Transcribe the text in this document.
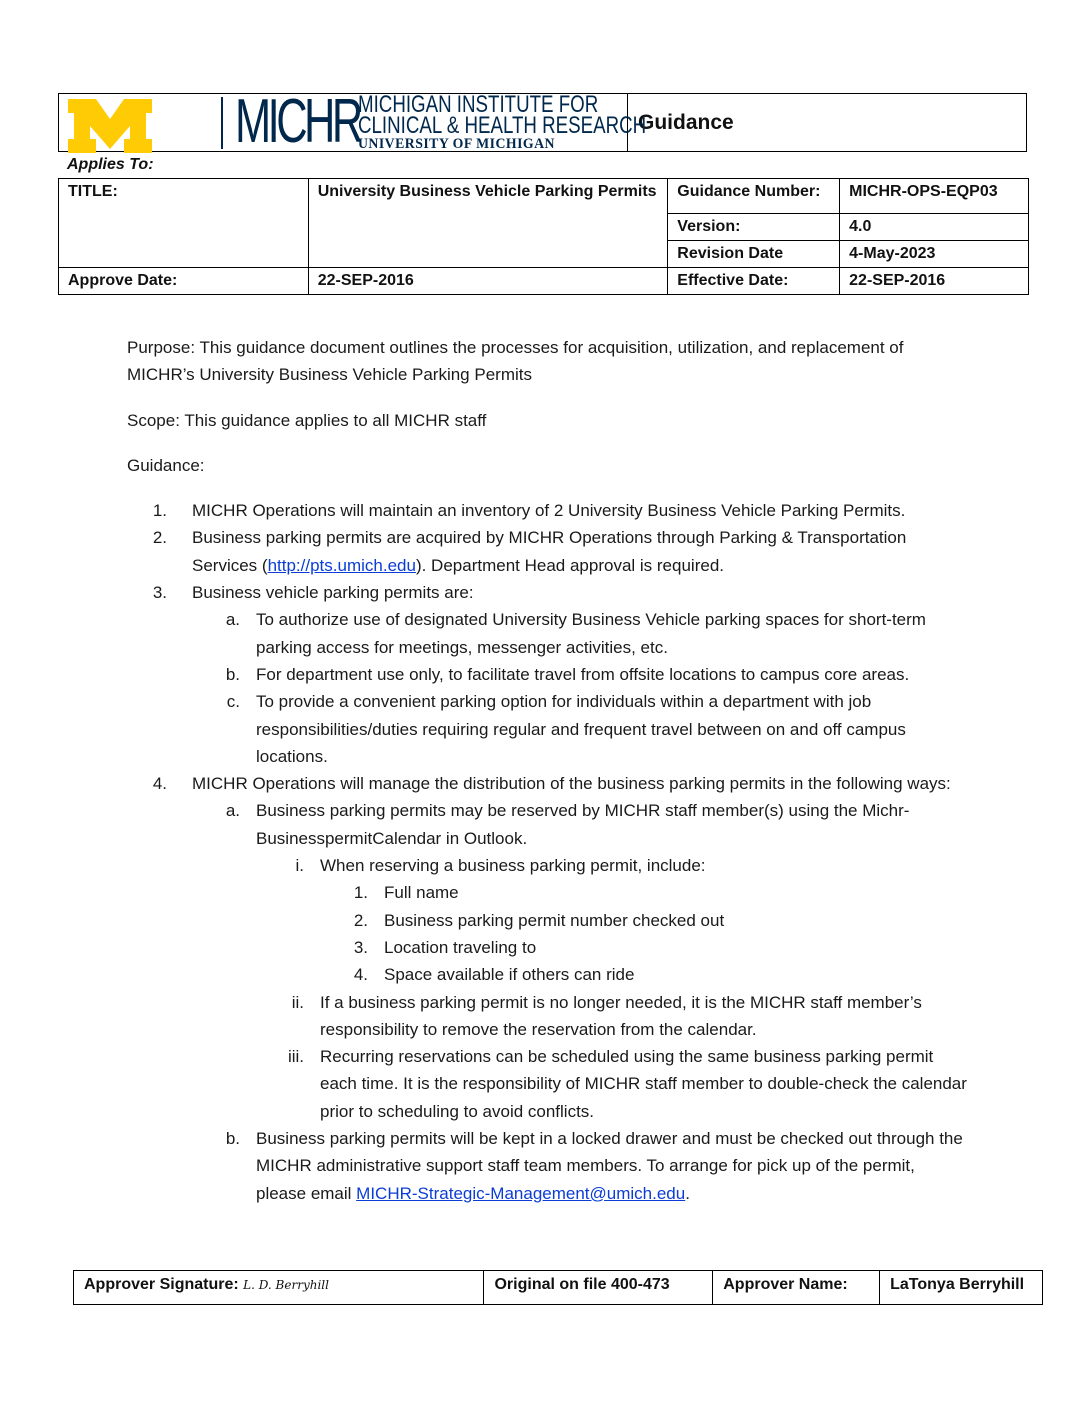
MICHR
MICHIGAN INSTITUTE FOR
CLINICAL & HEALTH RESEARCH
UNIVERSITY OF MICHIGAN
Guidance
Applies To:
TITLE:	University Business Vehicle Parking Permits	Guidance Number:	MICHR-OPS-EQP03
		Version:	4.0
		Revision Date	4-May-2023
Approve Date:	22-SEP-2016	Effective Date:	22-SEP-2016

Purpose: This guidance document outlines the processes for acquisition, utilization, and replacement of MICHR’s University Business Vehicle Parking Permits

Scope: This guidance applies to all MICHR staff

Guidance:

1. MICHR Operations will maintain an inventory of 2 University Business Vehicle Parking Permits.
2. Business parking permits are acquired by MICHR Operations through Parking & Transportation Services (http://pts.umich.edu). Department Head approval is required.
3. Business vehicle parking permits are:
a. To authorize use of designated University Business Vehicle parking spaces for short-term parking access for meetings, messenger activities, etc.
b. For department use only, to facilitate travel from offsite locations to campus core areas.
c. To provide a convenient parking option for individuals within a department with job responsibilities/duties requiring regular and frequent travel between on and off campus locations.
4. MICHR Operations will manage the distribution of the business parking permits in the following ways:
a. Business parking permits may be reserved by MICHR staff member(s) using the Michr-BusinesspermitCalendar in Outlook.
i. When reserving a business parking permit, include:
1. Full name
2. Business parking permit number checked out
3. Location traveling to
4. Space available if others can ride
ii. If a business parking permit is no longer needed, it is the MICHR staff member’s responsibility to remove the reservation from the calendar.
iii. Recurring reservations can be scheduled using the same business parking permit each time. It is the responsibility of MICHR staff member to double-check the calendar prior to scheduling to avoid conflicts.
b. Business parking permits will be kept in a locked drawer and must be checked out through the MICHR administrative support staff team members. To arrange for pick up of the permit, please email MICHR-Strategic-Management@umich.edu.
Approver Signature: L. D. Berryhill	Original on file 400-473	Approver Name:	LaTonya Berryhill
